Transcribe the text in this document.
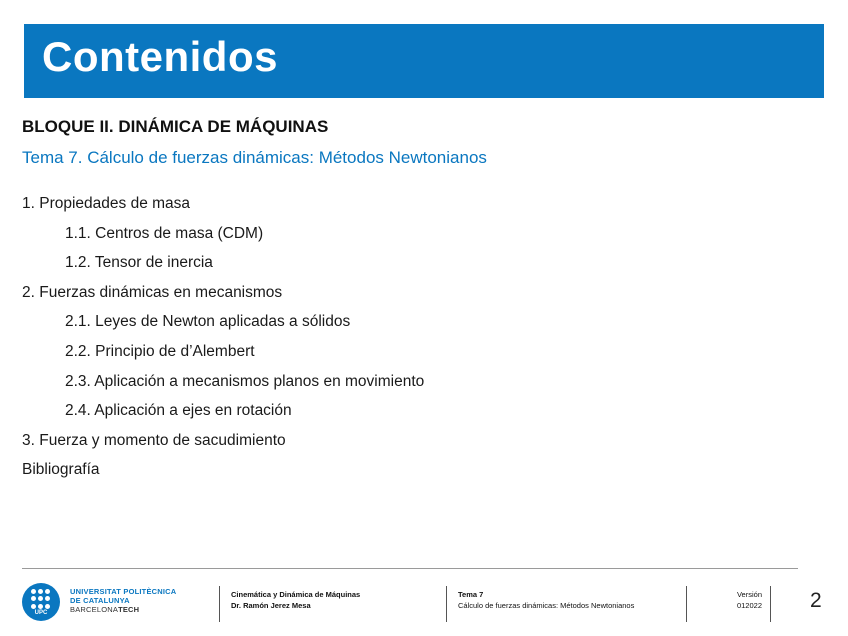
Contenidos
BLOQUE II. DINÁMICA DE MÁQUINAS
Tema 7. Cálculo de fuerzas dinámicas: Métodos Newtonianos
1. Propiedades de masa
1.1. Centros de masa (CDM)
1.2. Tensor de inercia
2. Fuerzas dinámicas en mecanismos
2.1. Leyes de Newton aplicadas a sólidos
2.2. Principio de d’Alembert
2.3. Aplicación a mecanismos planos en movimiento
2.4. Aplicación a ejes en rotación
3. Fuerza y momento de sacudimiento
Bibliografía
UPC
UNIVERSITAT POLITÈCNICA
DE CATALUNYA
BARCELONATECH
Cinemática y Dinámica de Máquinas
Dr. Ramón Jerez Mesa
Tema 7
Cálculo de fuerzas dinámicas: Métodos Newtonianos
Versión
012022 2
